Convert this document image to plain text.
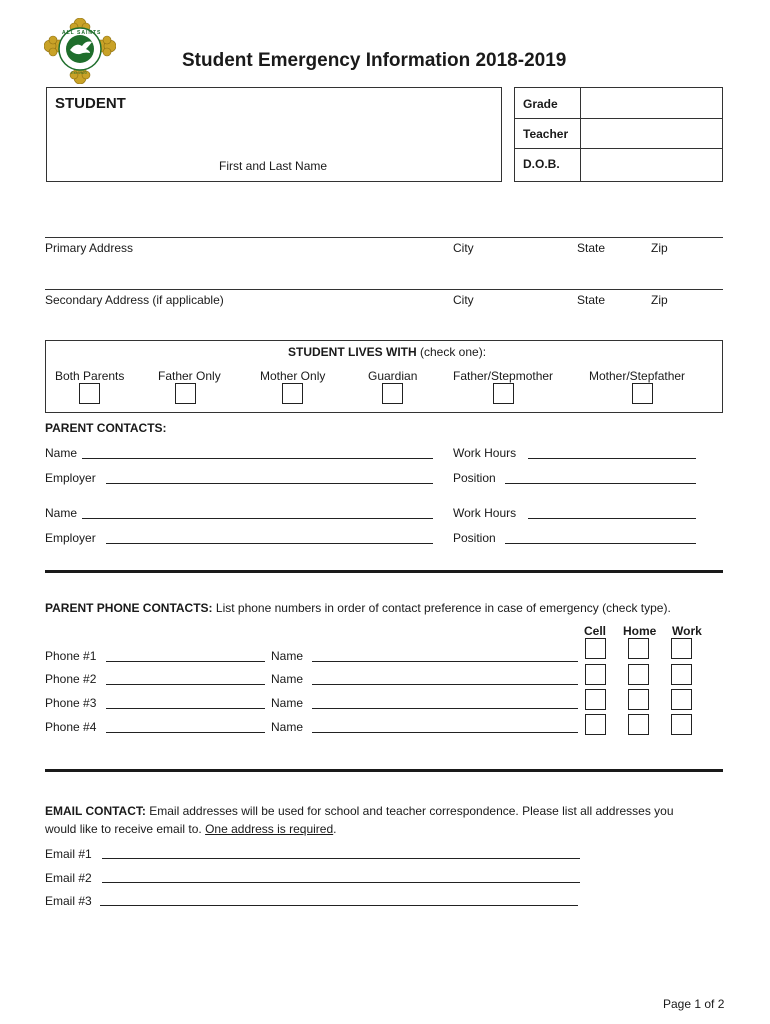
ALL SAINTS
Est 1920
Student Emergency Information 2018-2019
STUDENT
First and Last Name
Grade
Teacher
D.O.B.
Primary Address	City	State	Zip
Secondary Address (if applicable)	City	State	Zip
STUDENT LIVES WITH (check one):
Both Parents	Father Only	Mother Only	Guardian	Father/Stepmother	Mother/Stepfather
PARENT CONTACTS:
Name	Work Hours
Employer	Position
Name	Work Hours
Employer	Position
PARENT PHONE CONTACTS: List phone numbers in order of contact preference in case of emergency (check type).
Cell Home Work
Phone #1	Name
Phone #2	Name
Phone #3	Name
Phone #4	Name
EMAIL CONTACT: Email addresses will be used for school and teacher correspondence. Please list all addresses you
would like to receive email to. One address is required.
Email #1
Email #2
Email #3
Page 1 of 2
